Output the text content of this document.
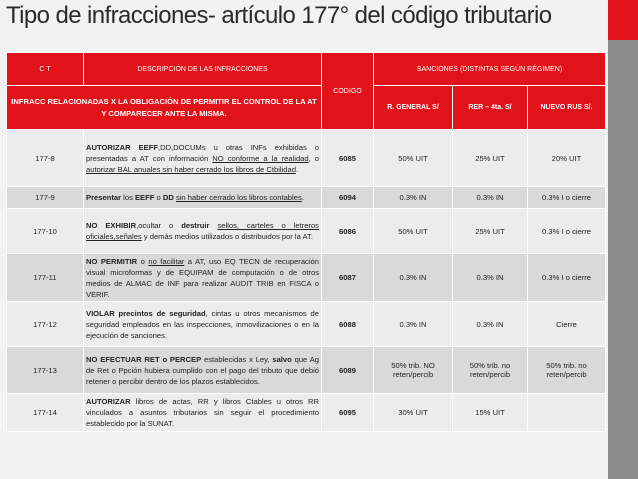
Tipo de infracciones- artículo 177° del código tributario
C T	DESCRIPCIÓN DE LAS INFRACCIONES	CODIGO	SANCIONES (DISTINTAS SEGÚN RÉGIMEN)		
INFRACC RELACIONADAS X LA OBLIGACIÓN DE PERMITIR EL CONTROL DE LA AT Y COMPARECER ANTE LA MISMA.			R. GENERAL S/	RER – 4ta. S/	NUEVO RUS S/.
177-8	AUTORIZAR EEFF,DD,DOCUMs u otras INFs exhibidas o presentadas a AT con información NO conforme a la realidad, o autorizar BAL anuales sin haber cerrado los libros de Ctbilidad.	6085	50% UIT	25% UIT	20% UIT
177-9	Presentar los EEFF o DD sin haber cerrado los libros contables.	6094	0.3% IN	0.3% IN	0.3% I o cierre
177-10	NO EXHIBIR,ocultar o destruir sellos, carteles o letreros oficiales,señales y demás medios utilizados o distribuidos por la AT.	6086	50% UIT	25% UIT	0.3% I o cierre
177-11	NO PERMITIR o no facilitar a AT, uso EQ TECN de recuperación visual microformas y de EQUIPAM de computación o de otros medios de ALMAC de INF para realizar AUDIT TRIB en FISCA o VERIF.	6087	0.3% IN	0.3% IN	0.3% I o cierre
177-12	VIOLAR precintos de seguridad, cintas u otros mecanismos de seguridad empleados en las inspecciones, inmovilizaciones o en la ejecución de sanciones.	6088	0.3% IN	0.3% IN	Cierre
177-13	NO EFECTUAR RET o PERCEP establecidas x Ley, salvo que Ag de Ret o Ppción hubiera cumplido con el pago del tributo que debió retener o percibir dentro de los plazos establecidos.	6089	50% trib. NO reten/percib	50% trib. no reten/percib	50% trib. no reten/percib
177-14	AUTORIZAR libros de actas, RR y libros Ctables u otros RR vinculados a asuntos tributarios sin seguir el procedimiento establecido por la SUNAT.	6095	30% UIT	15% UIT	
